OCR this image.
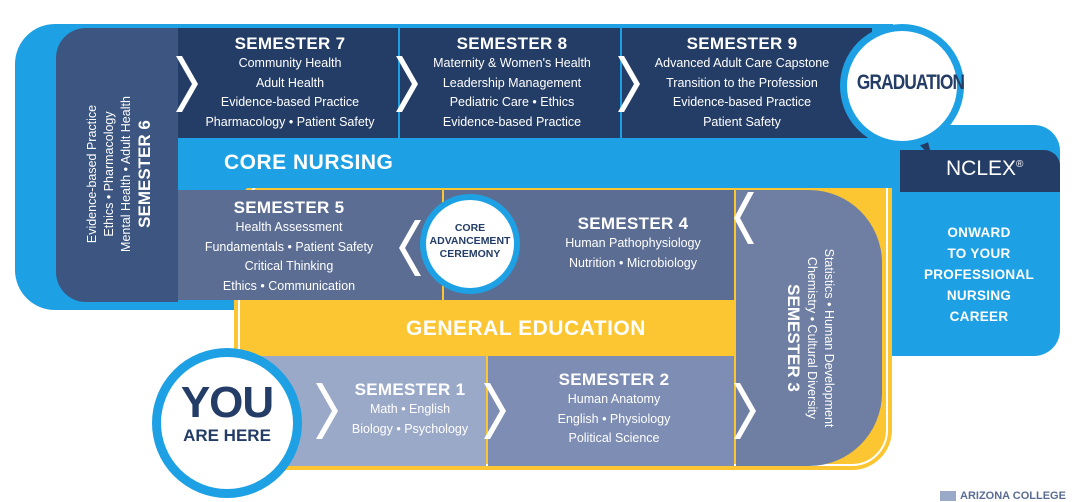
CORE NURSING
GENERAL EDUCATION
SEMESTER 7
Community Health
Adult Health
Evidence-based Practice
Pharmacology • Patient Safety
SEMESTER 8
Maternity & Women's Health
Leadership Management
Pediatric Care • Ethics
Evidence-based Practice
SEMESTER 9
Advanced Adult Care Capstone
Transition to the Profession
Evidence-based Practice
Patient Safety
SEMESTER 5
Health Assessment
Fundamentals • Patient Safety
Critical Thinking
Ethics • Communication
SEMESTER 4
Human Pathophysiology
Nutrition • Microbiology
SEMESTER 1
Math • English
Biology • Psychology
SEMESTER 2
Human Anatomy
English • Physiology
Political Science
SEMESTER 6
Mental Health • Adult Health
Ethics • Pharmacology
Evidence-based Practice
SEMESTER 3 Chemistry • Cultural Diversity Statistics • Human Development
YOU
ARE HERE
CORE
ADVANCEMENT
CEREMONY
GRADUATION
NCLEX®
ONWARD
TO YOUR
PROFESSIONAL
NURSING
CAREER
ARIZONA COLLEGE
